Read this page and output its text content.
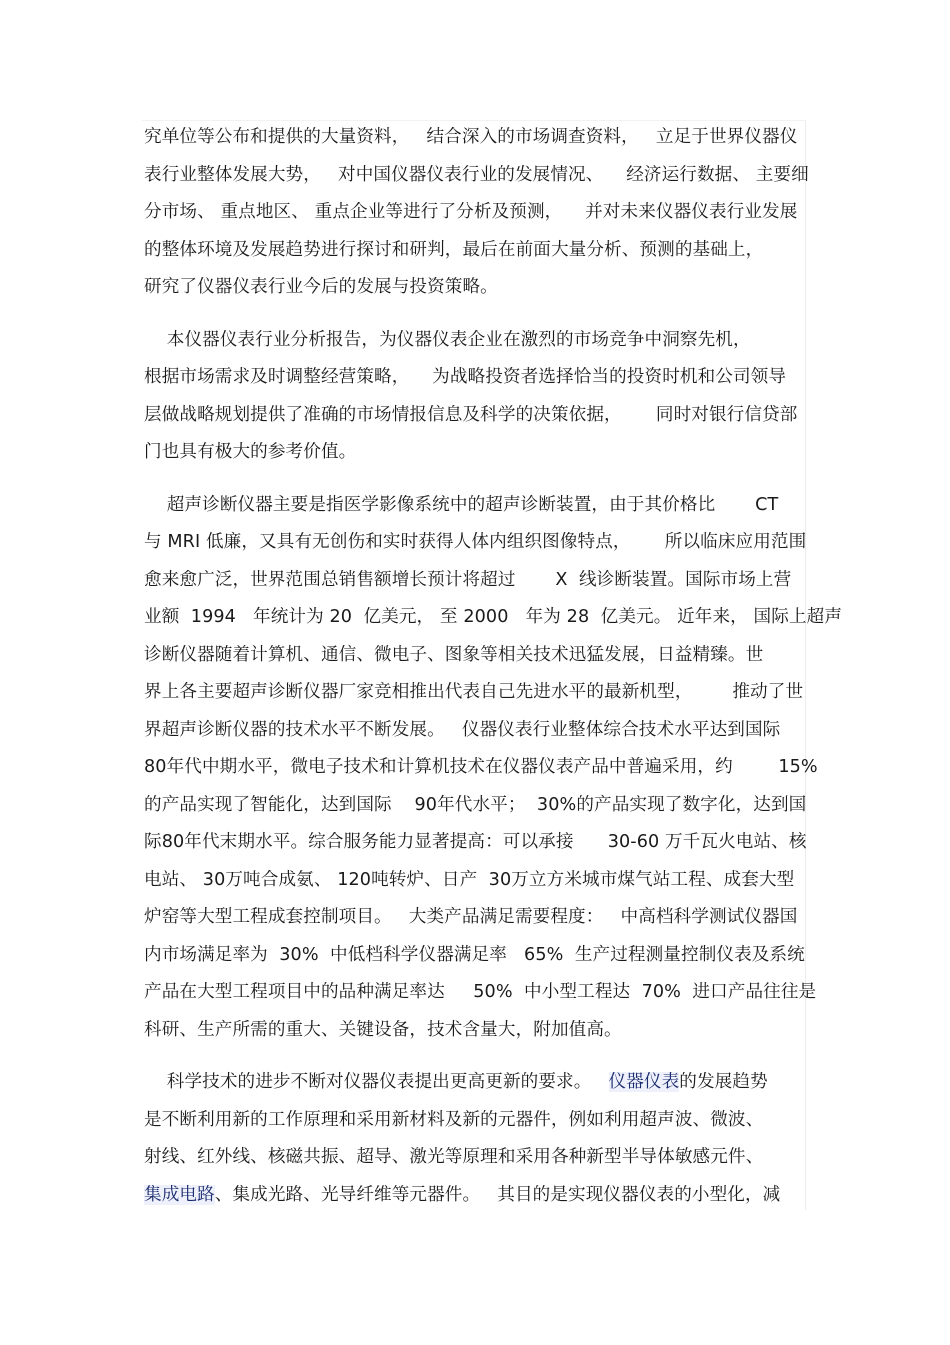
究单位等公布和提供的大量资料，   结合深入的市场调查资料，   立足于世界仪器仪
表行业整体发展大势，   对中国仪器仪表行业的发展情况、    经济运行数据、 主要细
分市场、 重点地区、 重点企业等进行了分析及预测，    并对未来仪器仪表行业发展
的整体环境及发展趋势进行探讨和研判，最后在前面大量分析、预测的基础上，
研究了仪器仪表行业今后的发展与投资策略。
本仪器仪表行业分析报告，为仪器仪表企业在激烈的市场竞争中洞察先机，
根据市场需求及时调整经营策略，    为战略投资者选择恰当的投资时机和公司领导
层做战略规划提供了准确的市场情报信息及科学的决策依据，      同时对银行信贷部
门也具有极大的参考价值。
超声诊断仪器主要是指医学影像系统中的超声诊断装置，由于其价格比       CT
与 MRI 低廉，又具有无创伤和实时获得人体内组织图像特点，      所以临床应用范围
愈来愈广泛，世界范围总销售额增长预计将超过       X  线诊断装置。国际市场上营
业额  1994   年统计为 20  亿美元， 至 2000   年为 28  亿美元。 近年来， 国际上超声
诊断仪器随着计算机、通信、微电子、图象等相关技术迅猛发展，日益精臻。世
界上各主要超声诊断仪器厂家竞相推出代表自己先进水平的最新机型，       推动了世
界超声诊断仪器的技术水平不断发展。   仪器仪表行业整体综合技术水平达到国际
80年代中期水平，微电子技术和计算机技术在仪器仪表产品中普遍采用，约        15%
的产品实现了智能化，达到国际    90年代水平；  30%的产品实现了数字化，达到国
际80年代末期水平。综合服务能力显著提高：可以承接      30-60 万千瓦火电站、核
电站、 30万吨合成氨、 120吨转炉、日产  30万立方米城市煤气站工程、成套大型
炉窑等大型工程成套控制项目。   大类产品满足需要程度：   中高档科学测试仪器国
内市场满足率为  30%  中低档科学仪器满足率   65%  生产过程测量控制仪表及系统
产品在大型工程项目中的品种满足率达     50%  中小型工程达  70%  进口产品往往是
科研、生产所需的重大、关键设备，技术含量大，附加值高。
科学技术的进步不断对仪器仪表提出更高更新的要求。   仪器仪表的发展趋势
是不断利用新的工作原理和采用新材料及新的元器件，例如利用超声波、微波、
射线、红外线、核磁共振、超导、激光等原理和采用各种新型半导体敏感元件、
集成电路、集成光路、光导纤维等元器件。   其目的是实现仪器仪表的小型化，减
